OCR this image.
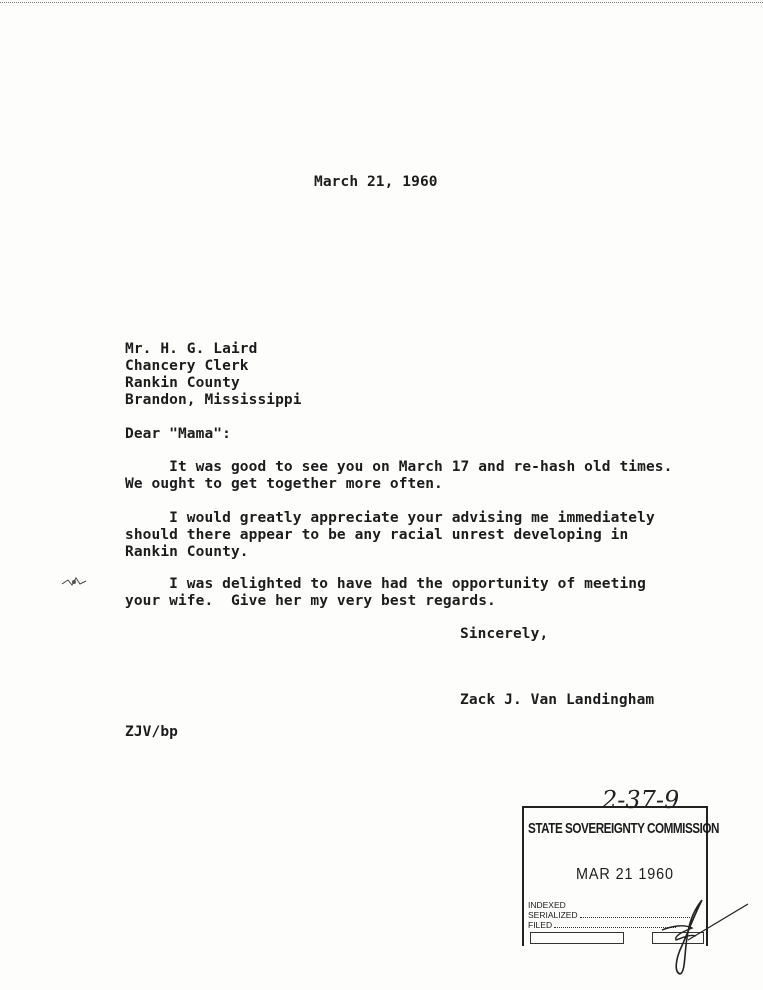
March 21, 1960
Mr. H. G. Laird
Chancery Clerk
Rankin County
Brandon, Mississippi
Dear "Mama":
It was good to see you on March 17 and re-hash old times.
We ought to get together more often.
I would greatly appreciate your advising me immediately
should there appear to be any racial unrest developing in
Rankin County.
I was delighted to have had the opportunity of meeting
your wife.  Give her my very best regards.
Sincerely,
Zack J. Van Landingham
ZJV/bp
2-37-9
STATE SOVEREIGNTY COMMISSION
MAR 21 1960
INDEXED
SERIALIZED
FILED
